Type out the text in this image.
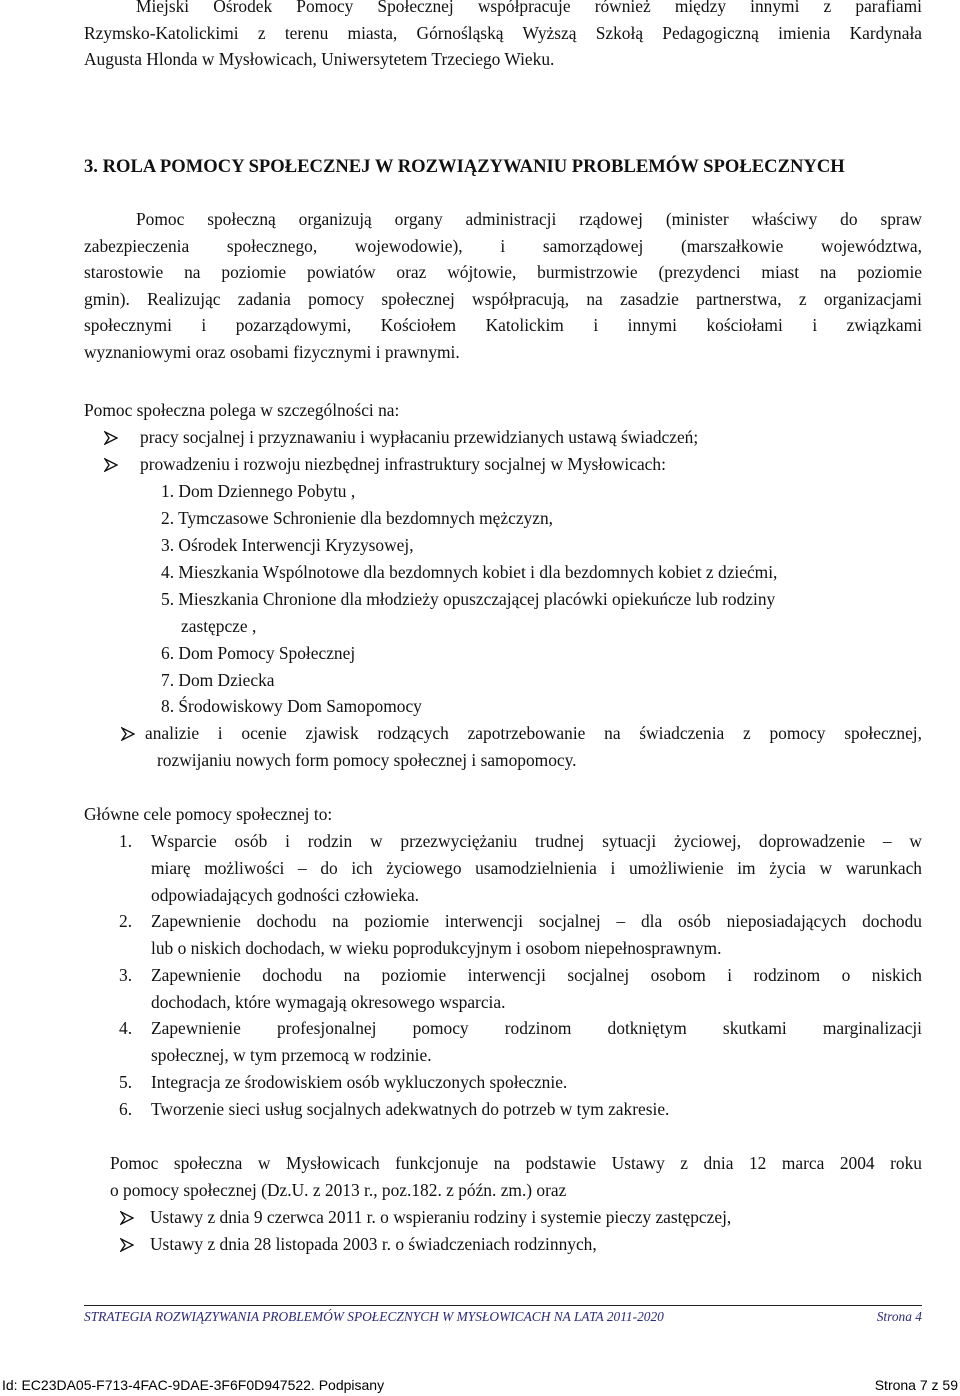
Miejski Ośrodek Pomocy Społecznej współpracuje również między innymi z parafiami
Rzymsko-Katolickimi z terenu miasta, Górnośląską Wyższą Szkołą Pedagogiczną imienia Kardynała
Augusta Hlonda w Mysłowicach, Uniwersytetem Trzeciego Wieku.
3. ROLA POMOCY SPOŁECZNEJ W ROZWIĄZYWANIU PROBLEMÓW SPOŁECZNYCH
Pomoc społeczną organizują organy administracji rządowej (minister właściwy do spraw
zabezpieczenia społecznego, wojewodowie), i samorządowej (marszałkowie województwa,
starostowie na poziomie powiatów oraz wójtowie, burmistrzowie (prezydenci miast na poziomie
gmin). Realizując zadania pomocy społecznej współpracują, na zasadzie partnerstwa, z organizacjami
społecznymi i pozarządowymi, Kościołem Katolickim i innymi kościołami i związkami
wyznaniowymi oraz osobami fizycznymi i prawnymi.
Pomoc społeczna polega w szczególności na:
pracy socjalnej i przyznawaniu i wypłacaniu przewidzianych ustawą świadczeń;
prowadzeniu i rozwoju niezbędnej infrastruktury socjalnej w Mysłowicach:
1. Dom Dziennego Pobytu ,
2. Tymczasowe Schronienie dla bezdomnych mężczyzn,
3. Ośrodek Interwencji Kryzysowej,
4. Mieszkania Wspólnotowe dla bezdomnych kobiet i dla bezdomnych kobiet z dziećmi,
5. Mieszkania Chronione dla młodzieży opuszczającej placówki opiekuńcze lub rodziny
zastępcze ,
6. Dom Pomocy Społecznej
7. Dom Dziecka
8. Środowiskowy Dom Samopomocy
analizie i ocenie zjawisk rodzących zapotrzebowanie na świadczenia z pomocy społecznej,
rozwijaniu nowych form pomocy społecznej i samopomocy.
Główne cele pomocy społecznej to:
1. Wsparcie osób i rodzin w przezwyciężaniu trudnej sytuacji życiowej, doprowadzenie – w
miarę możliwości – do ich życiowego usamodzielnienia i umożliwienie im życia w warunkach
odpowiadających godności człowieka.
2. Zapewnienie dochodu na poziomie interwencji socjalnej – dla osób nieposiadających dochodu
lub o niskich dochodach, w wieku poprodukcyjnym i osobom niepełnosprawnym.
3. Zapewnienie dochodu na poziomie interwencji socjalnej osobom i rodzinom o niskich
dochodach, które wymagają okresowego wsparcia.
4. Zapewnienie profesjonalnej pomocy rodzinom dotkniętym skutkami marginalizacji
społecznej, w tym przemocą w rodzinie.
5. Integracja ze środowiskiem osób wykluczonych społecznie.
6. Tworzenie sieci usług socjalnych adekwatnych do potrzeb w tym zakresie.
Pomoc społeczna w Mysłowicach funkcjonuje na podstawie Ustawy z dnia 12 marca 2004 roku
o pomocy społecznej (Dz.U. z 2013 r., poz.182. z późn. zm.) oraz
Ustawy z dnia 9 czerwca 2011 r. o wspieraniu rodziny i systemie pieczy zastępczej,
Ustawy z dnia 28 listopada 2003 r. o świadczeniach rodzinnych,
STRATEGIA ROZWIĄZYWANIA PROBLEMÓW SPOŁECZNYCH W MYSŁOWICACH NA LATA 2011-2020	Strona 4
Id: EC23DA05-F713-4FAC-9DAE-3F6F0D947522. Podpisany	Strona 7 z 59
